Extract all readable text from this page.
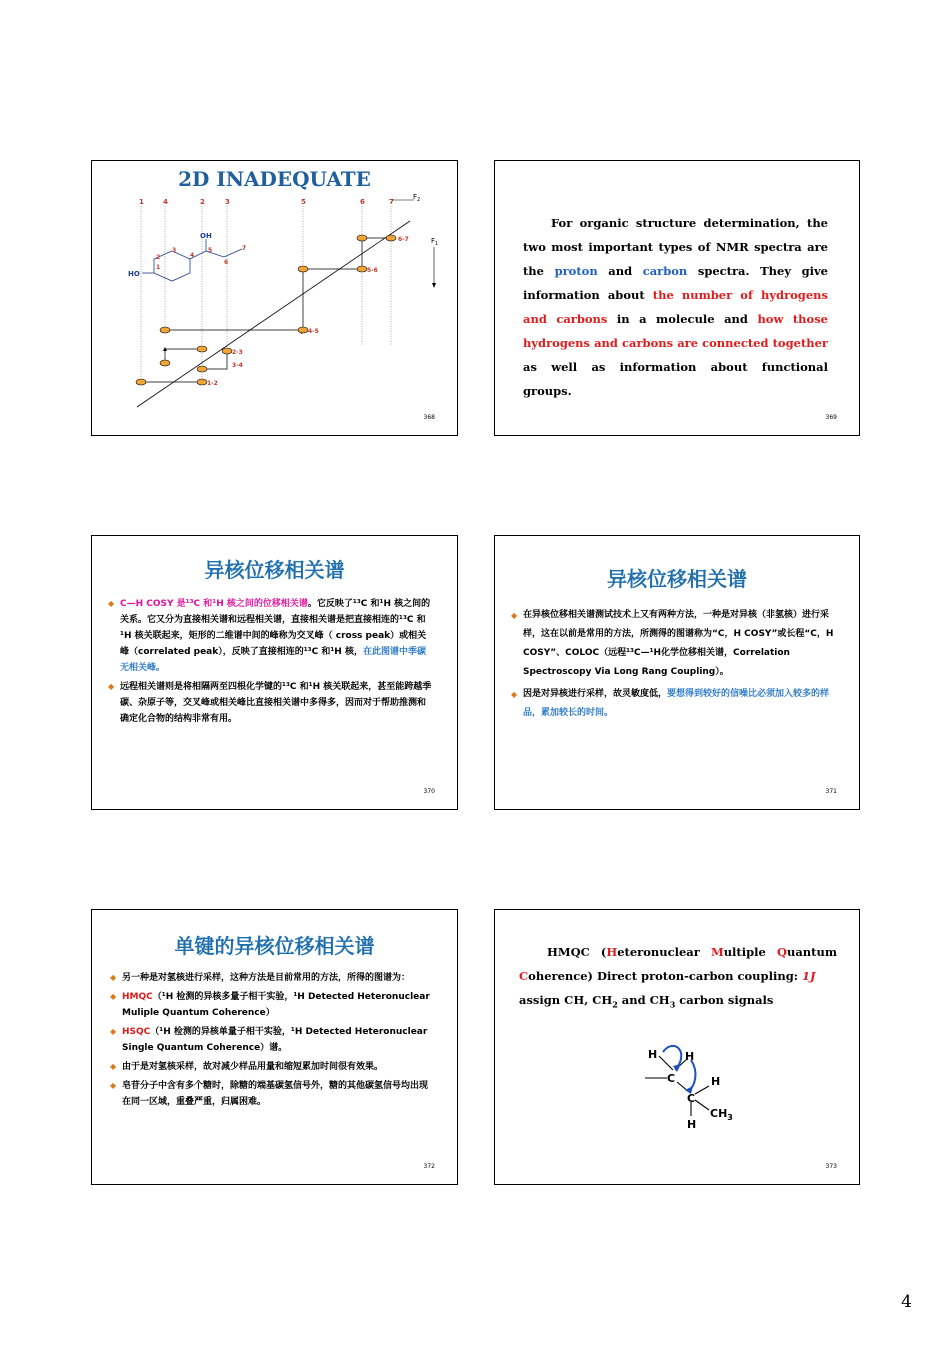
2D INADEQUATE
1	4	2	3	5	6	7
$F_2$
$F_1$
6-7
5-6
4-5
2-3
3-4
1-2
OH
HO
1
2
3
4
5
6
7
368
For organic structure determination, the two most important types of NMR spectra are the proton and carbon spectra. They give information about the number of hydrogens and carbons in a molecule and how those hydrogens and carbons are connected together as well as information about functional groups.
369
异核位移相关谱
◆ C—H COSY 是¹³C 和¹H 核之间的位移相关谱。它反映了¹³C 和¹H 核之间的关系。它又分为直接相关谱和远程相关谱，直接相关谱是把直接相连的¹³C 和¹H 核关联起来，矩形的二维谱中间的峰称为交叉峰（ cross peak）或相关峰（correlated peak），反映了直接相连的¹³C 和¹H 核，在此图谱中季碳无相关峰。
◆ 远程相关谱则是将相隔两至四根化学键的¹³C 和¹H 核关联起来，甚至能跨越季碳、杂原子等，交叉峰或相关峰比直接相关谱中多得多，因而对于帮助推测和确定化合物的结构非常有用。
370
异核位移相关谱
◆ 在异核位移相关谱测试技术上又有两种方法，一种是对异核（非氢核）进行采样，这在以前是常用的方法，所测得的图谱称为“C，H COSY”或长程“C，H COSY”、COLOC（远程¹³C—¹H化学位移相关谱，Correlation Spectroscopy Via Long Rang Coupling）。
◆ 因是对异核进行采样，故灵敏度低，要想得到较好的信噪比必须加入较多的样品，累加较长的时间。
371
单键的异核位移相关谱
◆ 另一种是对氢核进行采样，这种方法是目前常用的方法，所得的图谱为：
◆ HMQC（¹H 检测的异核多量子相干实验，¹H Detected Heteronuclear Muliple Quantum Coherence）
◆ HSQC（¹H 检测的异核单量子相干实验，¹H Detected Heteronuclear Single Quantum Coherence）谱。
◆ 由于是对氢核采样，故对减少样品用量和缩短累加时间很有效果。
◆ 皂苷分子中含有多个糖时，除糖的端基碳氢信号外，糖的其他碳氢信号均出现在同一区域，重叠严重，归属困难。
372
HMQC (Heteronuclear Multiple Quantum Coherence) Direct proton-carbon coupling: 1J
assign CH, $CH_2$ and $CH_3$ carbon signals
H	H
C	H
C
$CH_3$
H
373
4
